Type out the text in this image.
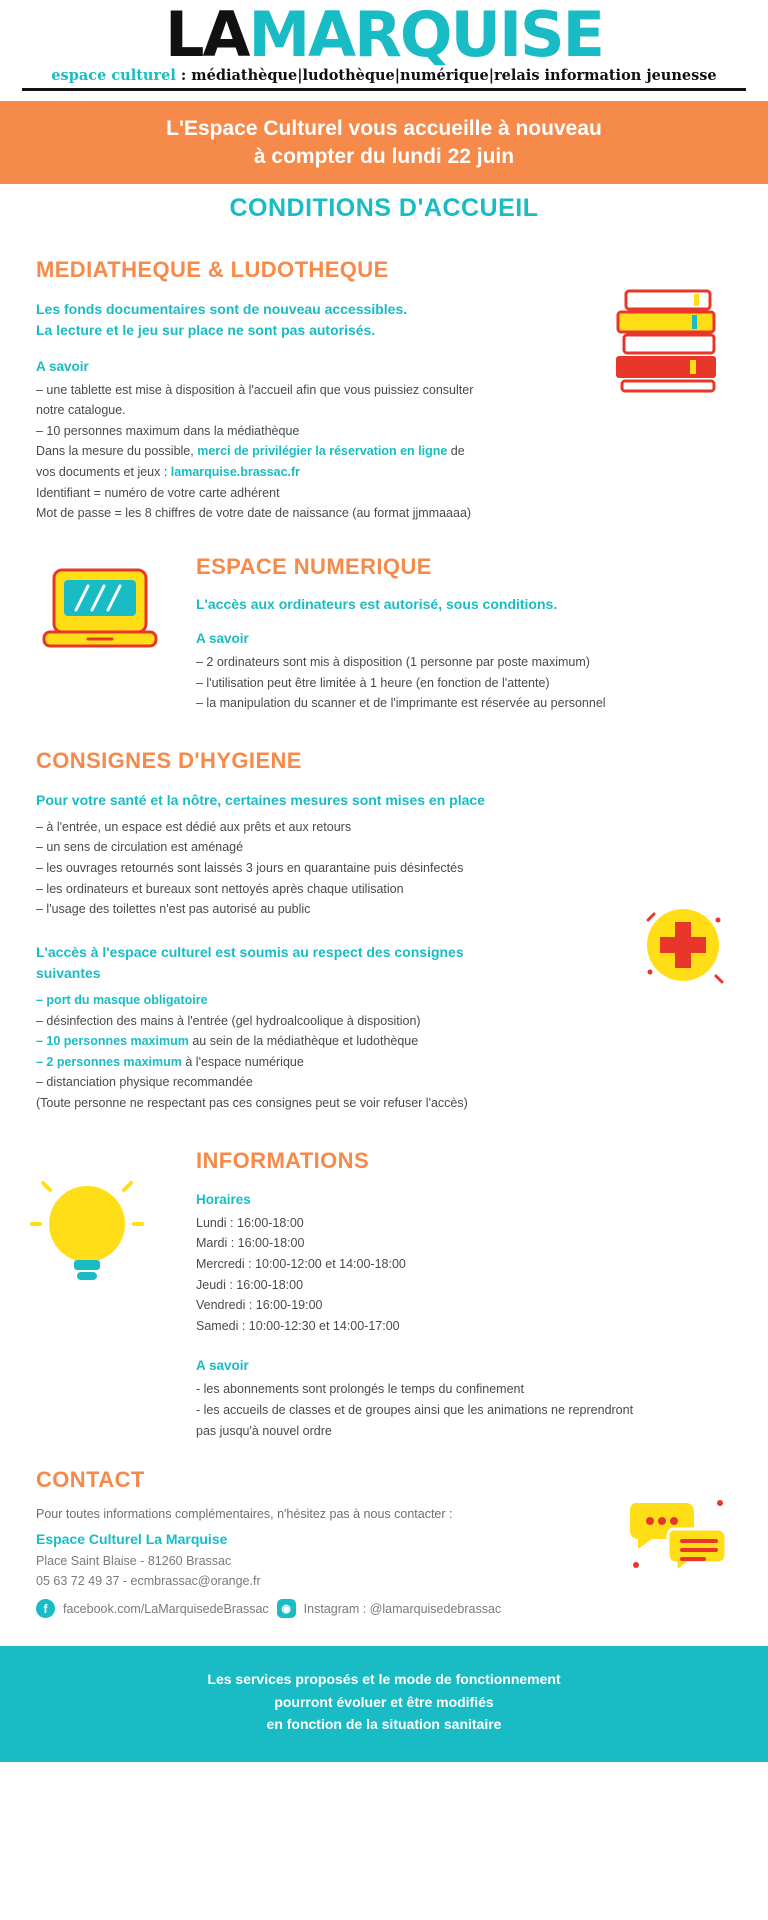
LAMARQUISE
espace culturel : médiathèque|ludothèque|numérique|relais information jeunesse
L'Espace Culturel vous accueille à nouveau
à compter du lundi 22 juin
CONDITIONS D'ACCUEIL
MEDIATHEQUE & LUDOTHEQUE
Les fonds documentaires sont de nouveau accessibles.
La lecture et le jeu sur place ne sont pas autorisés.
A savoir
– une tablette est mise à disposition à l'accueil afin que vous puissiez consulter
notre catalogue.
– 10 personnes maximum dans la médiathèque
Dans la mesure du possible, merci de privilégier la réservation en ligne de
vos documents et jeux : lamarquise.brassac.fr
Identifiant = numéro de votre carte adhérent
Mot de passe = les 8 chiffres de votre date de naissance (au format jjmmaaaa)
ESPACE NUMERIQUE
L'accès aux ordinateurs est autorisé, sous conditions.
A savoir
– 2 ordinateurs sont mis à disposition (1 personne par poste maximum)
– l'utilisation peut être limitée à 1 heure (en fonction de l'attente)
– la manipulation du scanner et de l'imprimante est réservée au personnel
CONSIGNES D'HYGIENE
Pour votre santé et la nôtre, certaines mesures sont mises en place
– à l'entrée, un espace est dédié aux prêts et aux retours
– un sens de circulation est aménagé
– les ouvrages retournés sont laissés 3 jours en quarantaine puis désinfectés
– les ordinateurs et bureaux sont nettoyés après chaque utilisation
– l'usage des toilettes n'est pas autorisé au public
L'accès à l'espace culturel est soumis au respect des consignes
suivantes
– port du masque obligatoire
– désinfection des mains à l'entrée (gel hydroalcoolique à disposition)
– 10 personnes maximum au sein de la médiathèque et ludothèque
– 2 personnes maximum à l'espace numérique
– distanciation physique recommandée
(Toute personne ne respectant pas ces consignes peut se voir refuser l'accès)
INFORMATIONS
Horaires
Lundi : 16:00-18:00
Mardi : 16:00-18:00
Mercredi : 10:00-12:00 et 14:00-18:00
Jeudi : 16:00-18:00
Vendredi : 16:00-19:00
Samedi : 10:00-12:30 et 14:00-17:00
A savoir
- les abonnements sont prolongés le temps du confinement
- les accueils de classes et de groupes ainsi que les animations ne reprendront
pas jusqu'à nouvel ordre
CONTACT
Pour toutes informations complémentaires, n'hésitez pas à nous contacter :
Espace Culturel La Marquise
Place Saint Blaise - 81260 Brassac
05 63 72 49 37 - ecmbrassac@orange.fr
f	facebook.com/LaMarquisedeBrassac	◉	Instagram : @lamarquisedebrassac
Les services proposés et le mode de fonctionnement
pourront évoluer et être modifiés
en fonction de la situation sanitaire
